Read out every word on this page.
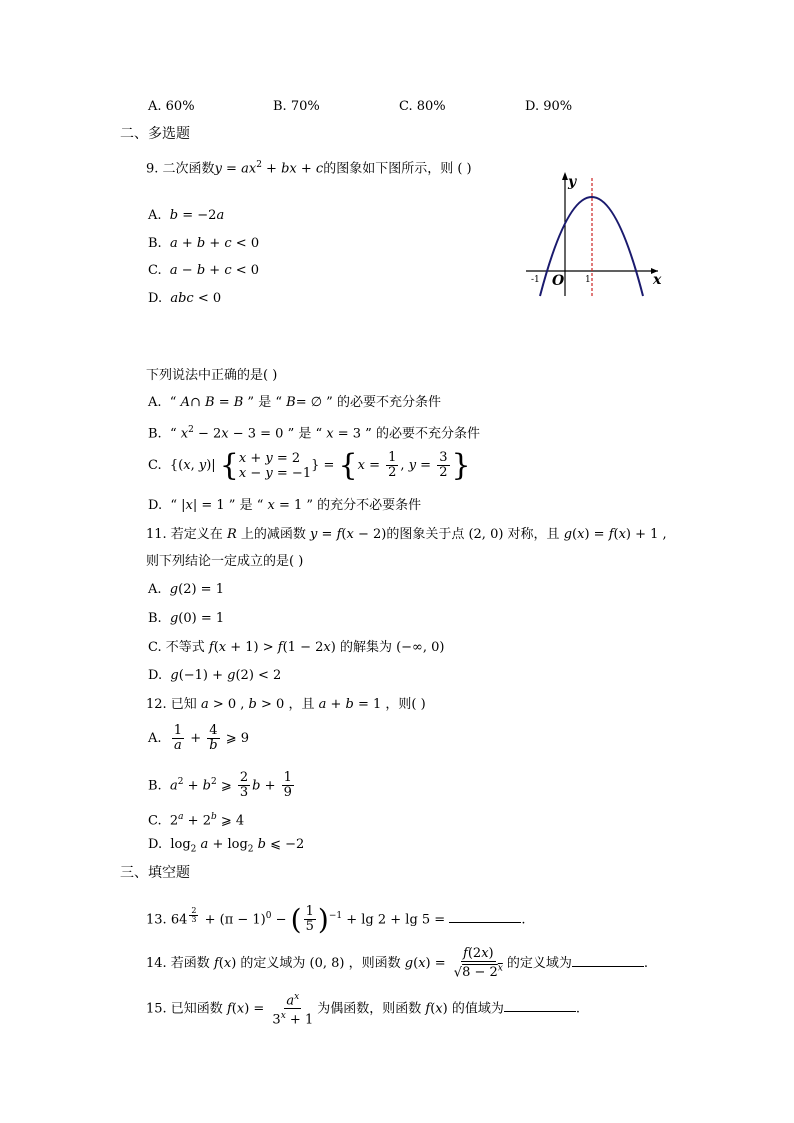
A. 60%	B. 70%	C. 80%	D. 90%
二、多选题
9. 二次函数$y = ax^2$ + bx + c的图象如下图所示，则 ( )
A.  b = −2a
B.  a + b + c < 0
C.  a − b + c < 0
D.  abc < 0
y
x
O
-1	1
下列说法中正确的是( )
A.  “ A∩ B = B ” 是 “ B= ∅ ” 的必要不充分条件
B.  “ $x^2 - 2x - 3 = 0$ ” 是 “ x = 3 ” 的必要不充分条件
C.  {(x, y)| { x + y = 2
x − y = −1 } = {$x = \frac{1}{2}$ , $y = \frac{3}{2}$ }
D.  “ |x| = 1 ” 是 “ x = 1 ” 的充分不必要条件
11. 若定义在 R 上的减函数 y = f(x − 2)的图象关于点 (2, 0) 对称，且 g(x) = f(x) + 1 ,
则下列结论一定成立的是( )
A.  g(2) = 1
B.  g(0) = 1
C. 不等式 f(x + 1) > f(1 − 2x) 的解集为 (−∞, 0)
D.  g(−1) + g(2) < 2
12. 已知 a > 0 , b > 0 ，且 a + b = 1 ，则( )
A. $\frac{1}{a} + \frac{4}{b}$ ⩾ 9
B.  $a^2 + b^2$ ⩾ $\frac{2}{3}$ $b + \frac{1}{9}$
C.  $2^a + 2^b$ ⩾ 4
D.  $\log_2 a + \log_2 b$ ⩽ −2
三、填空题
13. 64 $^{\frac{2}{3}} + (\pi - 1)^0$ − ( $\frac{1}{5} )^{-1} + \lg 2 + \lg 5$ =	.
14. 若函数 f(x) 的定义域为 (0, 8) ，则函数 $g(x) = \frac{f(2x)}{√8 - 2^x}$ 的定义域为	.
15. 已知函数 $f(x) = \frac{a^x}{3^x + 1}$ 为偶函数，则函数 f(x) 的值域为	.
